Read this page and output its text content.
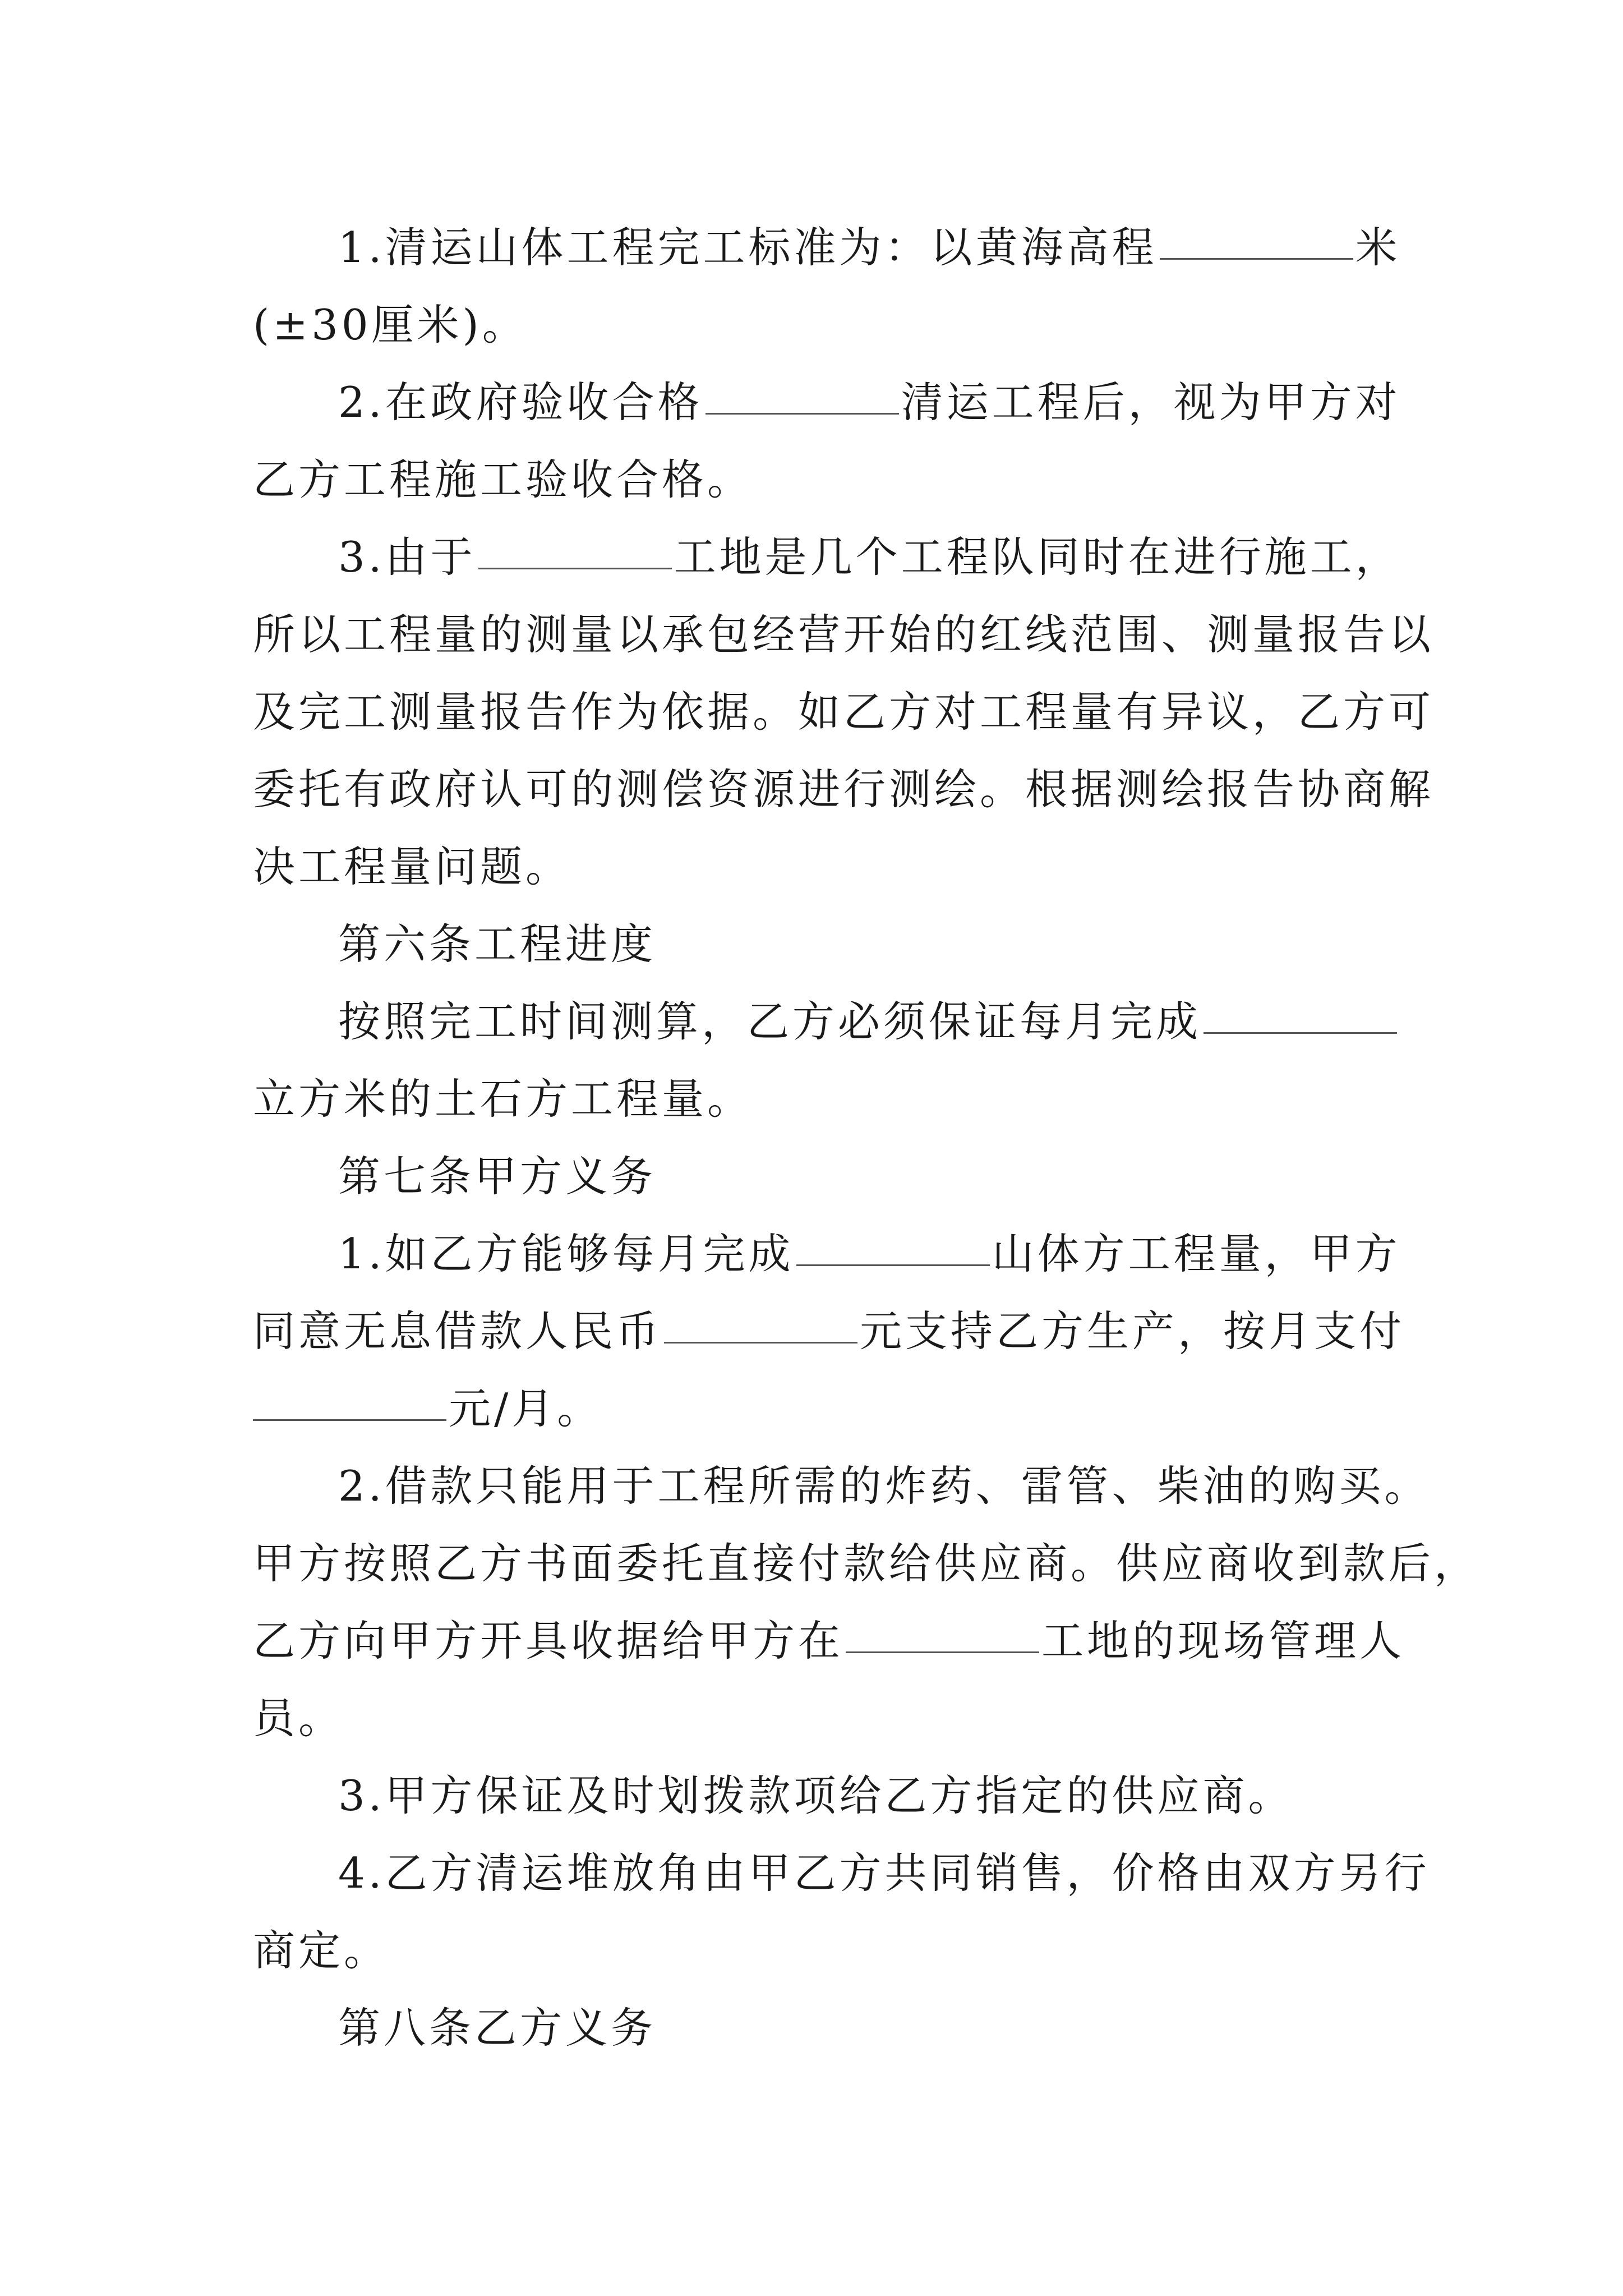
1.清运山体工程完工标准为：以黄海高程	米
(±30厘米)。
2.在政府验收合格	清运工程后，视为甲方对
乙方工程施工验收合格。
3.由于	工地是几个工程队同时在进行施工，
所以工程量的测量以承包经营开始的红线范围、测量报告以
及完工测量报告作为依据。如乙方对工程量有异议，乙方可
委托有政府认可的测偿资源进行测绘。根据测绘报告协商解
决工程量问题。
第六条工程进度
按照完工时间测算，乙方必须保证每月完成
立方米的土石方工程量。
第七条甲方义务
1.如乙方能够每月完成	山体方工程量，甲方
同意无息借款人民币	元支持乙方生产，按月支付
元/月。
2.借款只能用于工程所需的炸药、雷管、柴油的购买。
甲方按照乙方书面委托直接付款给供应商。供应商收到款后，
乙方向甲方开具收据给甲方在	工地的现场管理人
员。
3.甲方保证及时划拨款项给乙方指定的供应商。
4.乙方清运堆放角由甲乙方共同销售，价格由双方另行
商定。
第八条乙方义务
